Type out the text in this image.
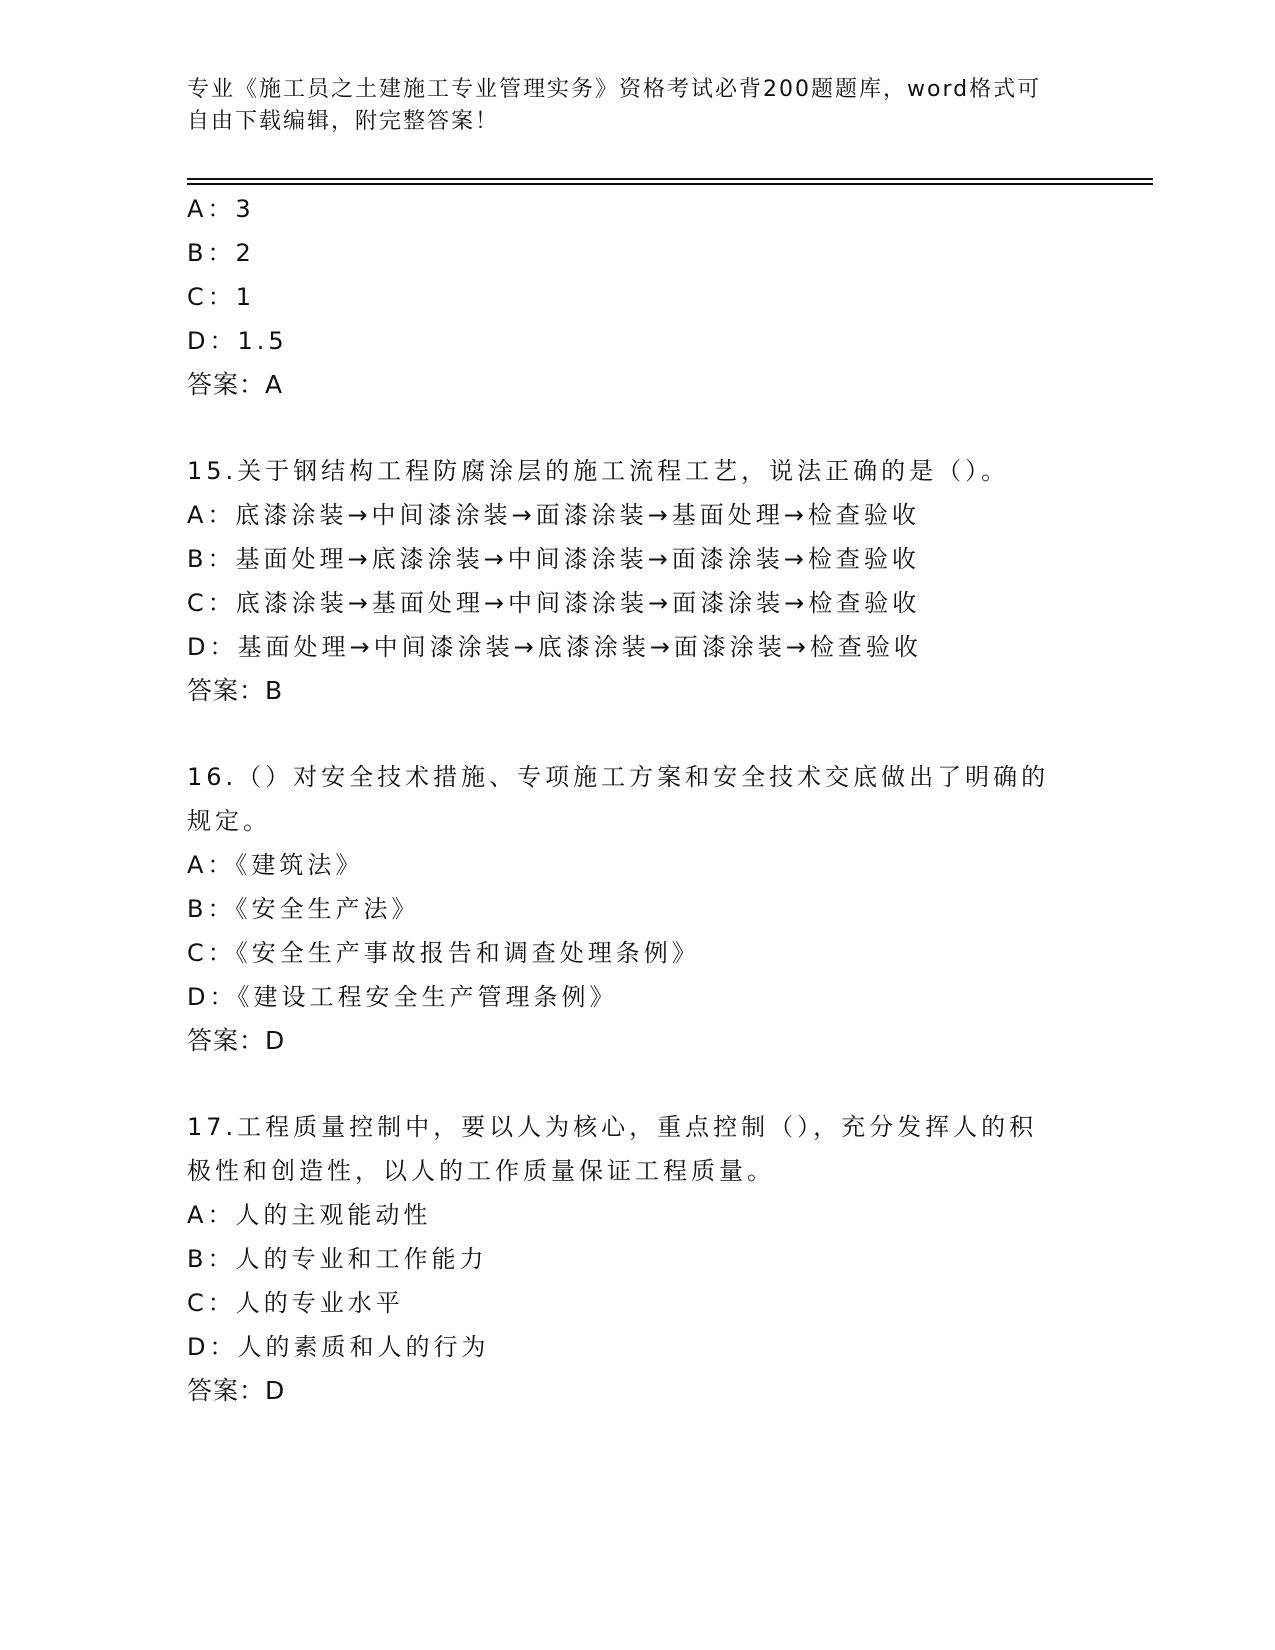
专业《施工员之土建施工专业管理实务》资格考试必背200题题库，word格式可
自由下载编辑，附完整答案！
A：3
B：2
C：1
D：1.5
答案：A
15.关于钢结构工程防腐涂层的施工流程工艺，说法正确的是（）。
A：底漆涂装→中间漆涂装→面漆涂装→基面处理→检查验收
B：基面处理→底漆涂装→中间漆涂装→面漆涂装→检查验收
C：底漆涂装→基面处理→中间漆涂装→面漆涂装→检查验收
D：基面处理→中间漆涂装→底漆涂装→面漆涂装→检查验收
答案：B
16.（）对安全技术措施、专项施工方案和安全技术交底做出了明确的
规定。
A：《建筑法》
B：《安全生产法》
C：《安全生产事故报告和调查处理条例》
D：《建设工程安全生产管理条例》
答案：D
17.工程质量控制中，要以人为核心，重点控制（），充分发挥人的积
极性和创造性，以人的工作质量保证工程质量。
A：人的主观能动性
B：人的专业和工作能力
C：人的专业水平
D：人的素质和人的行为
答案：D
